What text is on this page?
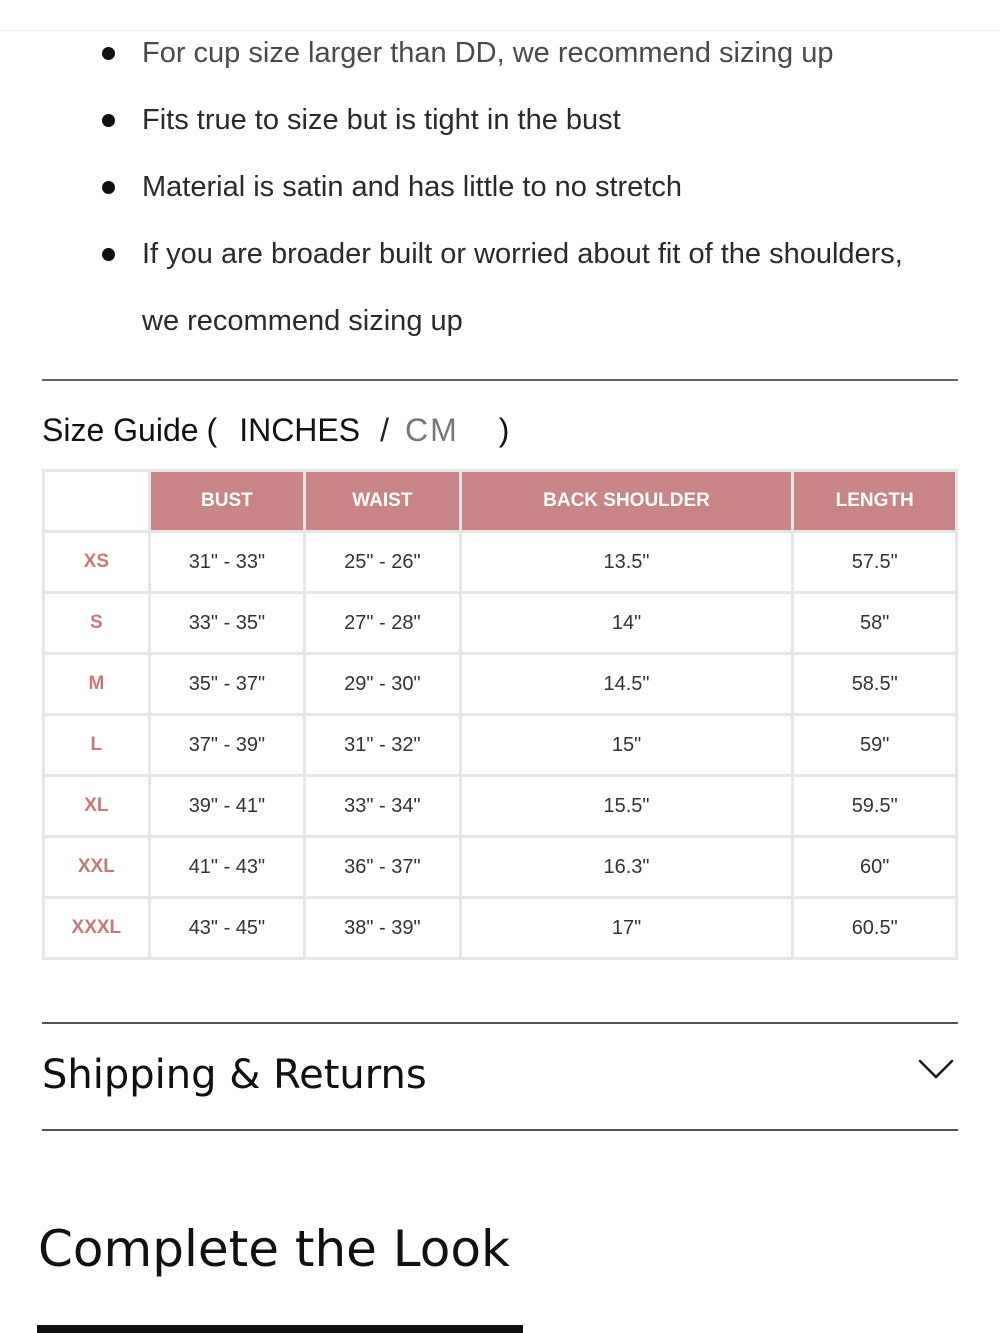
For cup size larger than DD, we recommend sizing up
Fits true to size but is tight in the bust
Material is satin and has little to no stretch
If you are broader built or worried about fit of the shoulders, we recommend sizing up
Size Guide ( INCHES / CM )
	BUST	WAIST	BACK SHOULDER	LENGTH
XS	31" - 33"	25" - 26"	13.5"	57.5"
S	33" - 35"	27" - 28"	14"	58"
M	35" - 37"	29" - 30"	14.5"	58.5"
L	37" - 39"	31" - 32"	15"	59"
XL	39" - 41"	33" - 34"	15.5"	59.5"
XXL	41" - 43"	36" - 37"	16.3"	60"
XXXL	43" - 45"	38" - 39"	17"	60.5"
Shipping & Returns
Complete the Look
